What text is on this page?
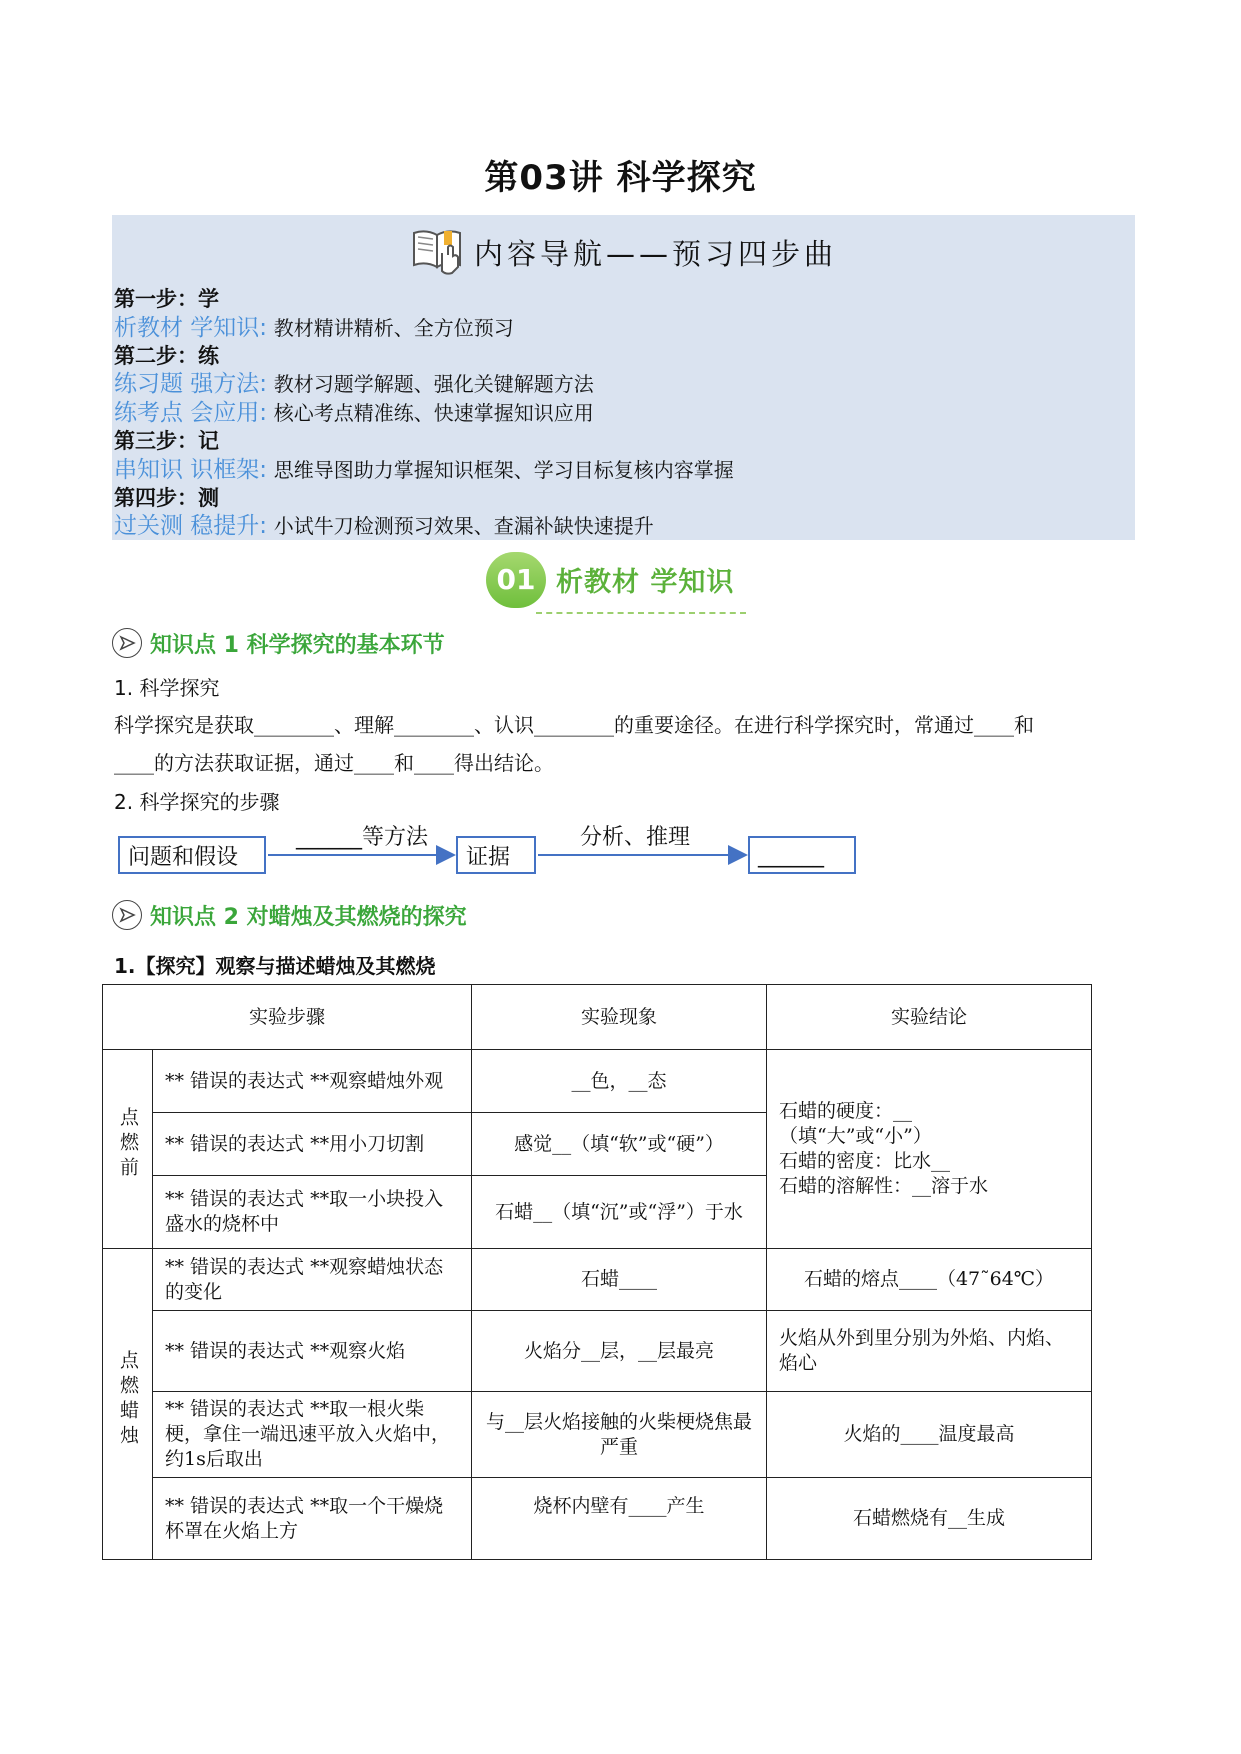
第03讲 科学探究
内容导航——预习四步曲
第一步：学
析教材 学知识: 教材精讲精析、全方位预习
第二步：练
练习题 强方法: 教材习题学解题、强化关键解题方法
练考点 会应用: 核心考点精准练、快速掌握知识应用
第三步：记
串知识 识框架: 思维导图助力掌握知识框架、学习目标复核内容掌握
第四步：测
过关测 稳提升: 小试牛刀检测预习效果、查漏补缺快速提升
01 析教材 学知识
知识点 1 科学探究的基本环节
1. 科学探究
科学探究是获取________、理解________、认识________的重要途径。在进行科学探究时，常通过____和
____的方法获取证据，通过____和____得出结论。
2. 科学探究的步骤
问题和假设
______等方法
证据
分析、推理
______
知识点 2 对蜡烛及其燃烧的探究
1.【探究】观察与描述蜡烛及其燃烧
实验步骤		实验现象	实验结论
点燃前	** 错误的表达式 **观察蜡烛外观	__色，__态	石蜡的硬度：__
（填“大”或“小”）
石蜡的密度：比水__
石蜡的溶解性：__溶于水

	** 错误的表达式 **用小刀切割	感觉__（填“软”或“硬”）	
	** 错误的表达式 **取一小块投入盛水的烧杯中	石蜡__（填“沉”或“浮”）于水	
点燃蜡烛	** 错误的表达式 **观察蜡烛状态的变化	石蜡____	石蜡的熔点____（47˜64℃）
	** 错误的表达式 **观察火焰	火焰分__层，__层最亮	火焰从外到里分别为外焰、内焰、焰心
	** 错误的表达式 **取一根火柴梗，拿住一端迅速平放入火焰中，约1s后取出	与__层火焰接触的火柴梗烧焦最严重	火焰的____温度最高
	** 错误的表达式 **取一个干燥烧杯罩在火焰上方	烧杯内壁有____产生	石蜡燃烧有__生成
